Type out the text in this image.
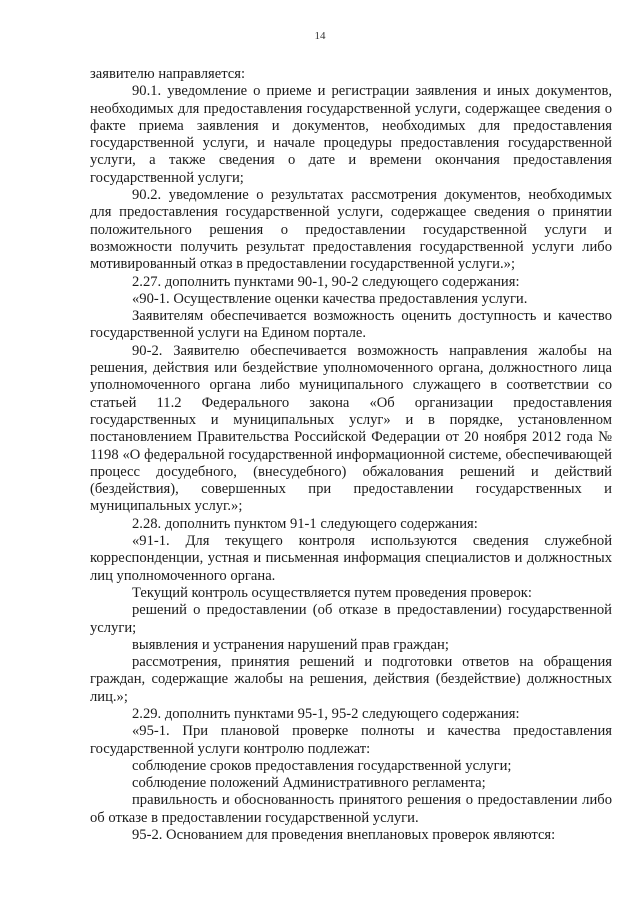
14

заявителю направляется:

90.1. уведомление о приеме и регистрации заявления и иных документов, необходимых для предоставления государственной услуги, содержащее сведения о факте приема заявления и документов, необходимых для предоставления государственной услуги, и начале процедуры предоставления государственной услуги, а также сведения о дате и времени окончания предоставления государственной услуги;

90.2. уведомление о результатах рассмотрения документов, необходимых для предоставления государственной услуги, содержащее сведения о принятии положительного решения о предоставлении государственной услуги и возможности получить результат предоставления государственной услуги либо мотивированный отказ в предоставлении государственной услуги.»;

2.27. дополнить пунктами 90-1, 90-2 следующего содержания:

«90-1. Осуществление оценки качества предоставления услуги.

Заявителям обеспечивается возможность оценить доступность и качество государственной услуги на Едином портале.

90-2. Заявителю обеспечивается возможность направления жалобы на решения, действия или бездействие уполномоченного органа, должностного лица уполномоченного органа либо муниципального служащего в соответствии со статьей 11.2 Федерального закона «Об организации предоставления государственных и муниципальных услуг» и в порядке, установленном постановлением Правительства Российской Федерации от 20 ноября 2012 года № 1198 «О федеральной государственной информационной системе, обеспечивающей процесс досудебного, (внесудебного) обжалования решений и действий (бездействия), совершенных при предоставлении государственных и муниципальных услуг.»;

2.28. дополнить пунктом 91-1 следующего содержания:

«91-1. Для текущего контроля используются сведения служебной корреспонденции, устная и письменная информация специалистов и должностных лиц уполномоченного органа.

Текущий контроль осуществляется путем проведения проверок:

решений о предоставлении (об отказе в предоставлении) государственной услуги;

выявления и устранения нарушений прав граждан;

рассмотрения, принятия решений и подготовки ответов на обращения граждан, содержащие жалобы на решения, действия (бездействие) должностных лиц.»;

2.29. дополнить пунктами 95-1, 95-2 следующего содержания:

«95-1. При плановой проверке полноты и качества предоставления государственной услуги контролю подлежат:

соблюдение сроков предоставления государственной услуги;

соблюдение положений Административного регламента;

правильность и обоснованность принятого решения о предоставлении либо об отказе в предоставлении государственной услуги.

95-2. Основанием для проведения внеплановых проверок являются:
